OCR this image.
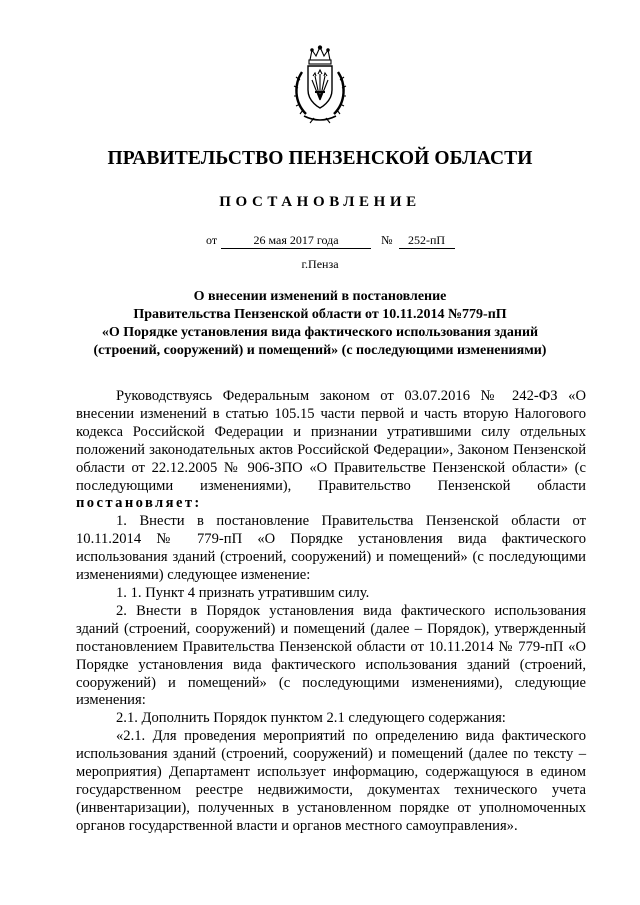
ПРАВИТЕЛЬСТВО ПЕНЗЕНСКОЙ ОБЛАСТИ
ПОСТАНОВЛЕНИЕ
от	26 мая 2017 года	№ 252-пП
г.Пенза
О внесении изменений в постановление
Правительства Пензенской области от 10.11.2014 №779-пП
«О Порядке установления вида фактического использования зданий
(строений, сооружений) и помещений» (с последующими изменениями)

Руководствуясь Федеральным законом от 03.07.2016 № 242-ФЗ «О внесении изменений в статью 105.15 части первой и часть вторую Налогового кодекса Российской Федерации и признании утратившими силу отдельных положений законодательных актов Российской Федерации», Законом Пензенской области от 22.12.2005 № 906-ЗПО «О Правительстве Пензенской области» (с последующими изменениями), Правительство Пензенской области постановляет:

1. Внести в постановление Правительства Пензенской области от 10.11.2014 № 779-пП «О Порядке установления вида фактического использования зданий (строений, сооружений) и помещений» (с последующими изменениями) следующее изменение:

1. 1. Пункт 4 признать утратившим силу.

2. Внести в Порядок установления вида фактического использования зданий (строений, сооружений) и помещений (далее – Порядок), утвержденный постановлением Правительства Пензенской области от 10.11.2014 № 779-пП «О Порядке установления вида фактического использования зданий (строений, сооружений) и помещений» (с последующими изменениями), следующие изменения:

2.1. Дополнить Порядок пунктом 2.1 следующего содержания:

«2.1. Для проведения мероприятий по определению вида фактического использования зданий (строений, сооружений) и помещений (далее по тексту – мероприятия) Департамент использует информацию, содержащуюся в едином государственном реестре недвижимости, документах технического учета (инвентаризации), полученных в установленном порядке от уполномоченных органов государственной власти и органов местного самоуправления».
